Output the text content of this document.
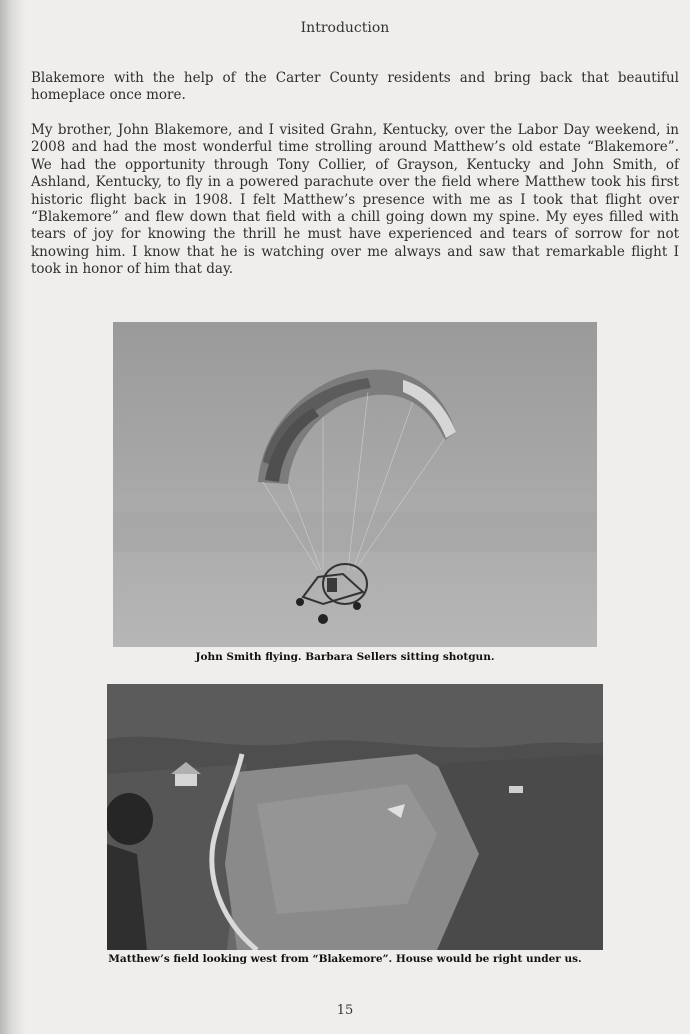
Introduction

Blakemore with the help of the Carter County residents and bring back that beautiful homeplace once more.

My brother, John Blakemore, and I visited Grahn, Kentucky, over the Labor Day weekend, in 2008 and had the most wonderful time strolling around Matthew’s old estate “Blakemore”. We had the opportunity through Tony Collier, of Grayson, Kentucky and John Smith, of Ashland, Kentucky, to fly in a powered parachute over the field where Matthew took his first historic flight back in 1908. I felt Matthew’s presence with me as I took that flight over “Blakemore” and flew down that field with a chill going down my spine. My eyes filled with tears of joy for knowing the thrill he must have experienced and tears of sorrow for not knowing him. I know that he is watching over me always and saw that remarkable flight I took in honor of him that day.

John Smith flying. Barbara Sellers sitting shotgun.
Matthew’s field looking west from “Blakemore”. House would be right under us.
15
